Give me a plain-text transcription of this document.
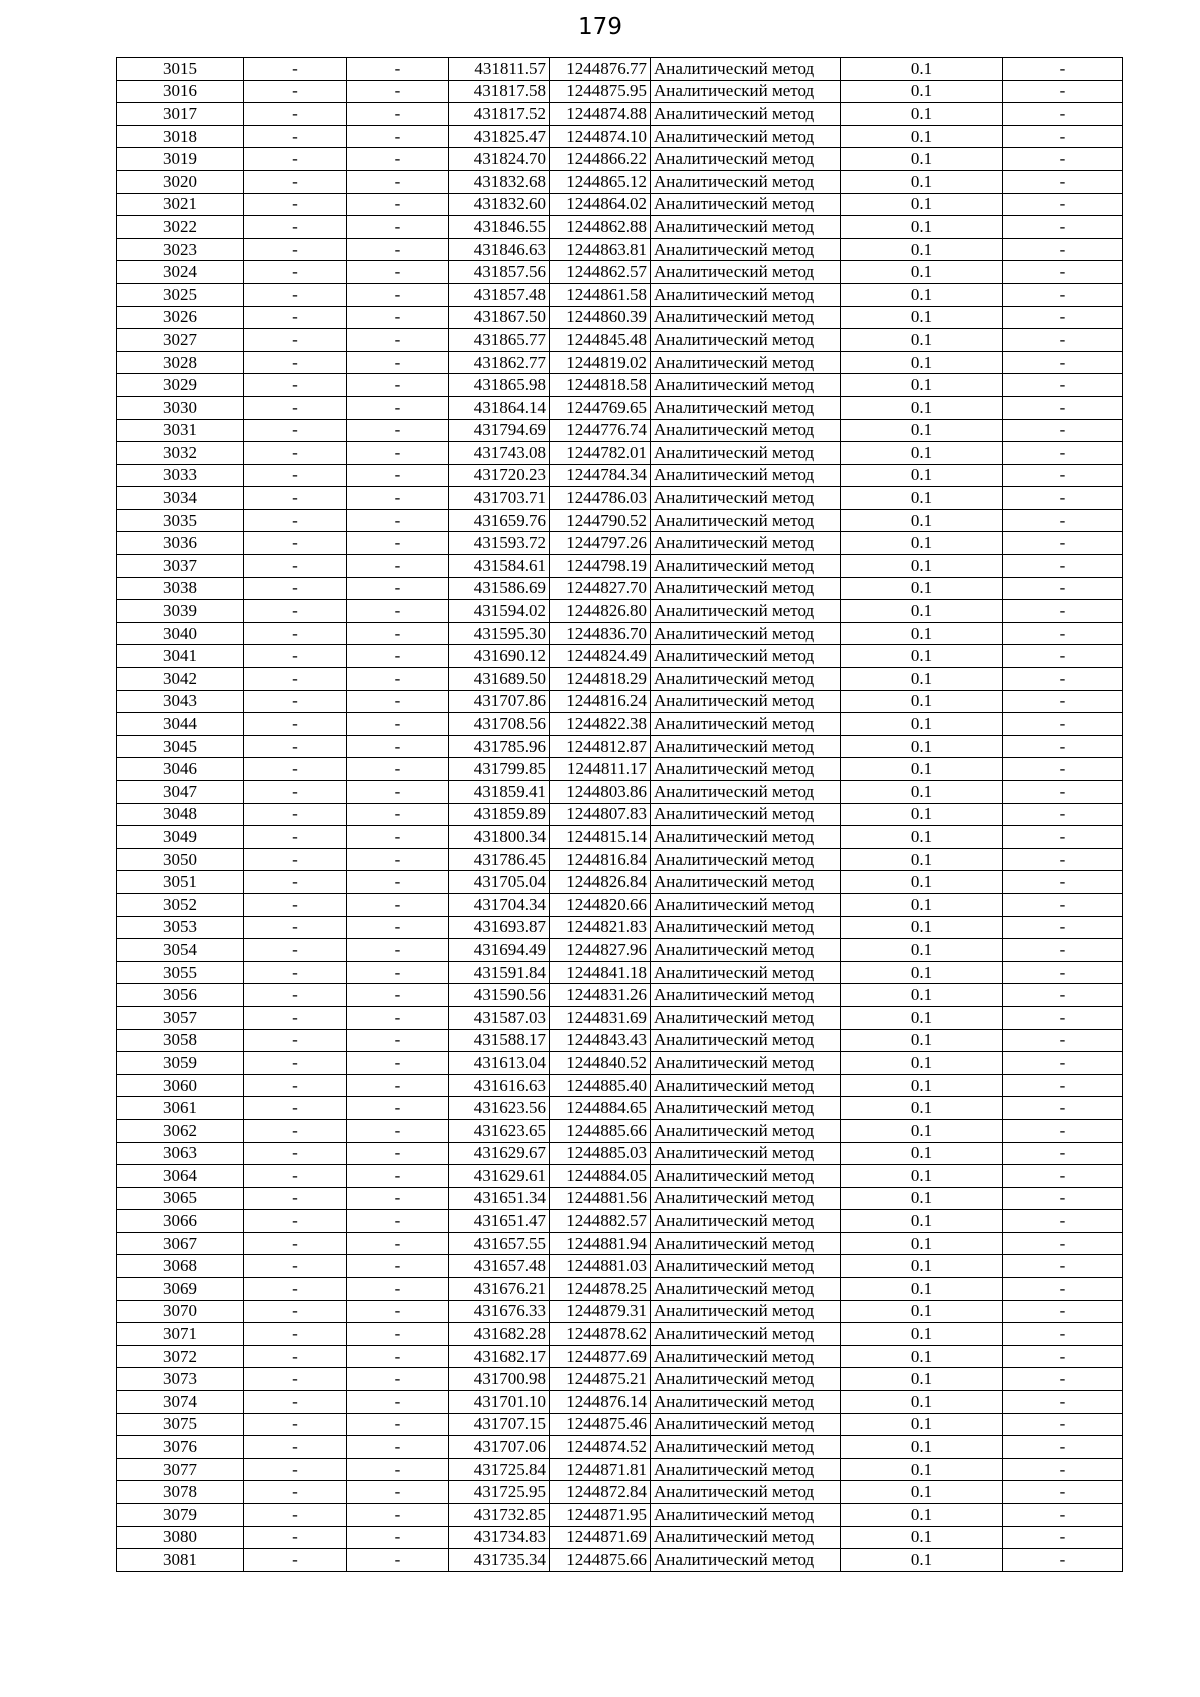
179
3015	-	-	431811.57	1244876.77	Аналитический метод	0.1	-
3016	-	-	431817.58	1244875.95	Аналитический метод	0.1	-
3017	-	-	431817.52	1244874.88	Аналитический метод	0.1	-
3018	-	-	431825.47	1244874.10	Аналитический метод	0.1	-
3019	-	-	431824.70	1244866.22	Аналитический метод	0.1	-
3020	-	-	431832.68	1244865.12	Аналитический метод	0.1	-
3021	-	-	431832.60	1244864.02	Аналитический метод	0.1	-
3022	-	-	431846.55	1244862.88	Аналитический метод	0.1	-
3023	-	-	431846.63	1244863.81	Аналитический метод	0.1	-
3024	-	-	431857.56	1244862.57	Аналитический метод	0.1	-
3025	-	-	431857.48	1244861.58	Аналитический метод	0.1	-
3026	-	-	431867.50	1244860.39	Аналитический метод	0.1	-
3027	-	-	431865.77	1244845.48	Аналитический метод	0.1	-
3028	-	-	431862.77	1244819.02	Аналитический метод	0.1	-
3029	-	-	431865.98	1244818.58	Аналитический метод	0.1	-
3030	-	-	431864.14	1244769.65	Аналитический метод	0.1	-
3031	-	-	431794.69	1244776.74	Аналитический метод	0.1	-
3032	-	-	431743.08	1244782.01	Аналитический метод	0.1	-
3033	-	-	431720.23	1244784.34	Аналитический метод	0.1	-
3034	-	-	431703.71	1244786.03	Аналитический метод	0.1	-
3035	-	-	431659.76	1244790.52	Аналитический метод	0.1	-
3036	-	-	431593.72	1244797.26	Аналитический метод	0.1	-
3037	-	-	431584.61	1244798.19	Аналитический метод	0.1	-
3038	-	-	431586.69	1244827.70	Аналитический метод	0.1	-
3039	-	-	431594.02	1244826.80	Аналитический метод	0.1	-
3040	-	-	431595.30	1244836.70	Аналитический метод	0.1	-
3041	-	-	431690.12	1244824.49	Аналитический метод	0.1	-
3042	-	-	431689.50	1244818.29	Аналитический метод	0.1	-
3043	-	-	431707.86	1244816.24	Аналитический метод	0.1	-
3044	-	-	431708.56	1244822.38	Аналитический метод	0.1	-
3045	-	-	431785.96	1244812.87	Аналитический метод	0.1	-
3046	-	-	431799.85	1244811.17	Аналитический метод	0.1	-
3047	-	-	431859.41	1244803.86	Аналитический метод	0.1	-
3048	-	-	431859.89	1244807.83	Аналитический метод	0.1	-
3049	-	-	431800.34	1244815.14	Аналитический метод	0.1	-
3050	-	-	431786.45	1244816.84	Аналитический метод	0.1	-
3051	-	-	431705.04	1244826.84	Аналитический метод	0.1	-
3052	-	-	431704.34	1244820.66	Аналитический метод	0.1	-
3053	-	-	431693.87	1244821.83	Аналитический метод	0.1	-
3054	-	-	431694.49	1244827.96	Аналитический метод	0.1	-
3055	-	-	431591.84	1244841.18	Аналитический метод	0.1	-
3056	-	-	431590.56	1244831.26	Аналитический метод	0.1	-
3057	-	-	431587.03	1244831.69	Аналитический метод	0.1	-
3058	-	-	431588.17	1244843.43	Аналитический метод	0.1	-
3059	-	-	431613.04	1244840.52	Аналитический метод	0.1	-
3060	-	-	431616.63	1244885.40	Аналитический метод	0.1	-
3061	-	-	431623.56	1244884.65	Аналитический метод	0.1	-
3062	-	-	431623.65	1244885.66	Аналитический метод	0.1	-
3063	-	-	431629.67	1244885.03	Аналитический метод	0.1	-
3064	-	-	431629.61	1244884.05	Аналитический метод	0.1	-
3065	-	-	431651.34	1244881.56	Аналитический метод	0.1	-
3066	-	-	431651.47	1244882.57	Аналитический метод	0.1	-
3067	-	-	431657.55	1244881.94	Аналитический метод	0.1	-
3068	-	-	431657.48	1244881.03	Аналитический метод	0.1	-
3069	-	-	431676.21	1244878.25	Аналитический метод	0.1	-
3070	-	-	431676.33	1244879.31	Аналитический метод	0.1	-
3071	-	-	431682.28	1244878.62	Аналитический метод	0.1	-
3072	-	-	431682.17	1244877.69	Аналитический метод	0.1	-
3073	-	-	431700.98	1244875.21	Аналитический метод	0.1	-
3074	-	-	431701.10	1244876.14	Аналитический метод	0.1	-
3075	-	-	431707.15	1244875.46	Аналитический метод	0.1	-
3076	-	-	431707.06	1244874.52	Аналитический метод	0.1	-
3077	-	-	431725.84	1244871.81	Аналитический метод	0.1	-
3078	-	-	431725.95	1244872.84	Аналитический метод	0.1	-
3079	-	-	431732.85	1244871.95	Аналитический метод	0.1	-
3080	-	-	431734.83	1244871.69	Аналитический метод	0.1	-
3081	-	-	431735.34	1244875.66	Аналитический метод	0.1	-
